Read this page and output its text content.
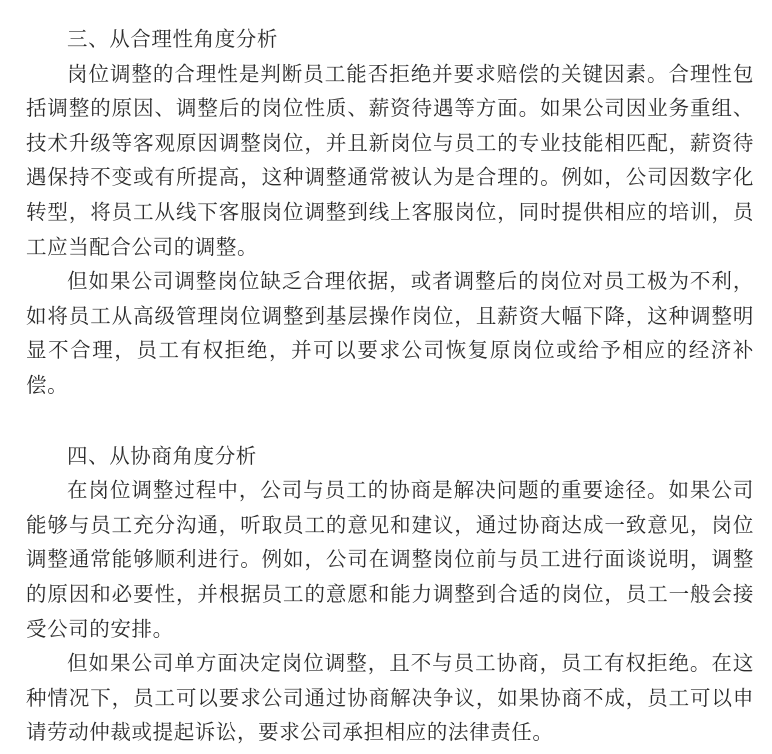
三、从合理性角度分析

岗位调整的合理性是判断员工能否拒绝并要求赔偿的关键因素。合理性包括调整的原因、调整后的岗位性质、薪资待遇等方面。如果公司因业务重组、技术升级等客观原因调整岗位，并且新岗位与员工的专业技能相匹配，薪资待遇保持不变或有所提高，这种调整通常被认为是合理的。例如，公司因数字化转型，将员工从线下客服岗位调整到线上客服岗位，同时提供相应的培训，员工应当配合公司的调整。

但如果公司调整岗位缺乏合理依据，或者调整后的岗位对员工极为不利，如将员工从高级管理岗位调整到基层操作岗位，且薪资大幅下降，这种调整明显不合理，员工有权拒绝，并可以要求公司恢复原岗位或给予相应的经济补偿。

四、从协商角度分析

在岗位调整过程中，公司与员工的协商是解决问题的重要途径。如果公司能够与员工充分沟通，听取员工的意见和建议，通过协商达成一致意见，岗位调整通常能够顺利进行。例如，公司在调整岗位前与员工进行面谈说明，调整的原因和必要性，并根据员工的意愿和能力调整到合适的岗位，员工一般会接受公司的安排。

但如果公司单方面决定岗位调整，且不与员工协商，员工有权拒绝。在这种情况下，员工可以要求公司通过协商解决争议，如果协商不成，员工可以申请劳动仲裁或提起诉讼，要求公司承担相应的法律责任。
